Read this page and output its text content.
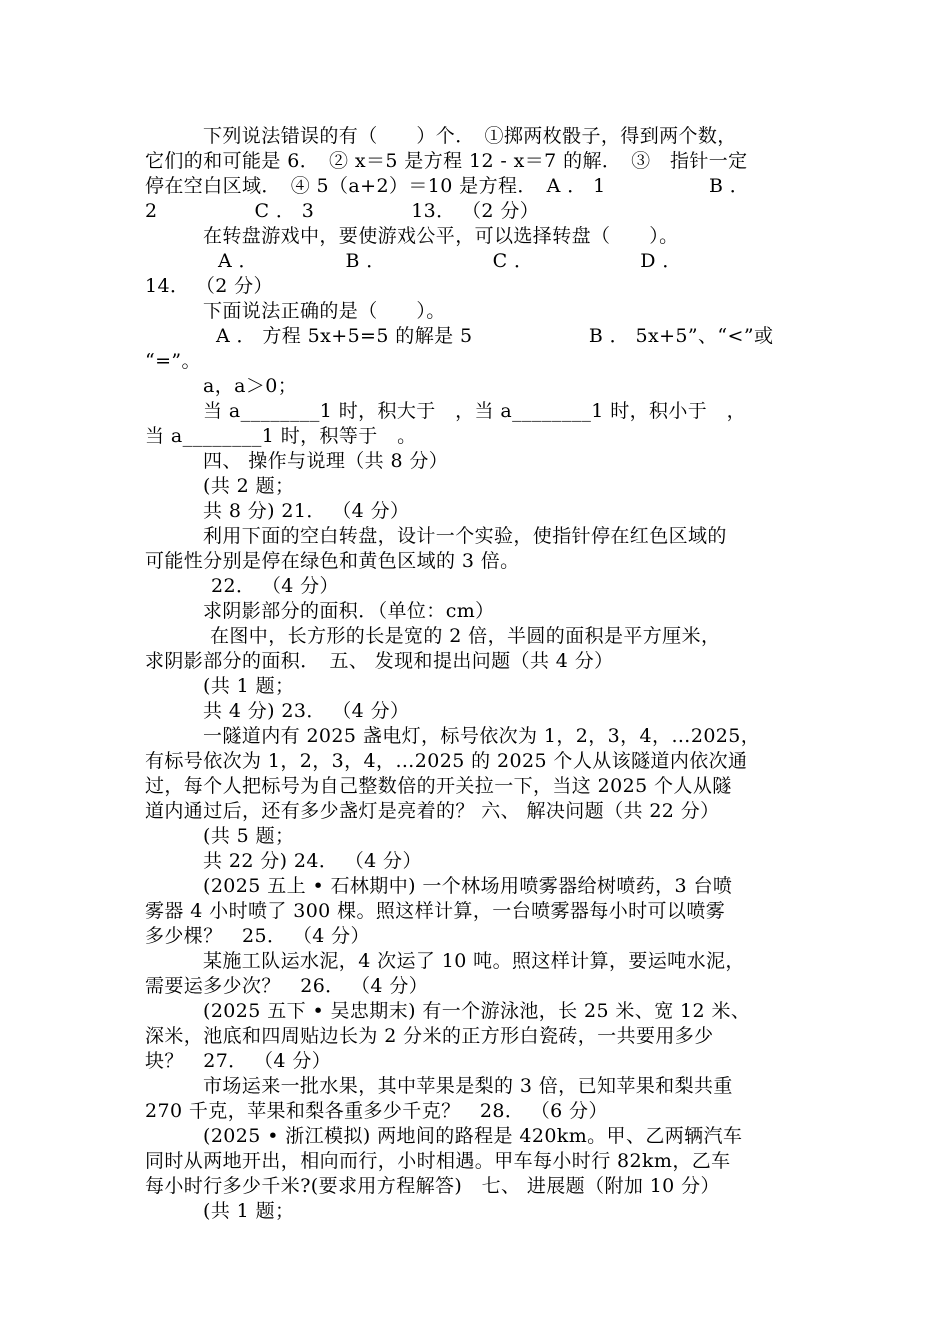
下列说法错误的有（　　）个．　①掷两枚骰子，得到两个数，
它们的和可能是 6．　② x＝5 是方程 12 - x＝7 的解．　③　指针一定
停在空白区域．　④ 5（a+2）＝10 是方程．　A ． 1　　　　　 B ．
2　　　　　C ． 3　　　　　13． （2 分）
在转盘游戏中，要使游戏公平，可以选择转盘（　　）。
A ．　　　　　B ．　　　　　　C ．　　　　　　D ．
14． （2 分）
下面说法正确的是（　　）。
A ． 方程 5x+5=5 的解是 5　　　　　　B ． 5x+5”、“<”或
“=”。
a，a＞0；
当 a________1 时，积大于　，当 a________1 时，积小于　，
当 a________1 时，积等于　。
四、 操作与说理（共 8 分）
(共 2 题；
共 8 分) 21． （4 分）
利用下面的空白转盘，设计一个实验，使指针停在红色区域的
可能性分别是停在绿色和黄色区域的 3 倍。
22． （4 分）
求阴影部分的面积．（单位：cm）
在图中，长方形的长是宽的 2 倍，半圆的面积是平方厘米，
求阴影部分的面积．　五、 发现和提出问题（共 4 分）
(共 1 题；
共 4 分) 23． （4 分）
一隧道内有 2025 盏电灯，标号依次为 1，2，3，4，…2025，
有标号依次为 1，2，3，4，…2025 的 2025 个人从该隧道内依次通
过，每个人把标号为自己整数倍的开关拉一下，当这 2025 个人从隧
道内通过后，还有多少盏灯是亮着的？ 六、 解决问题（共 22 分）
(共 5 题；
共 22 分) 24． （4 分）
(2025 五上 • 石林期中) 一个林场用喷雾器给树喷药，3 台喷
雾器 4 小时喷了 300 棵。照这样计算，一台喷雾器每小时可以喷雾
多少棵？　25． （4 分）
某施工队运水泥，4 次运了 10 吨。照这样计算，要运吨水泥，
需要运多少次？　26． （4 分）
(2025 五下 • 吴忠期末) 有一个游泳池，长 25 米、宽 12 米、
深米，池底和四周贴边长为 2 分米的正方形白瓷砖，一共要用多少
块？　27． （4 分）
市场运来一批水果，其中苹果是梨的 3 倍，已知苹果和梨共重
270 千克，苹果和梨各重多少千克？　28． （6 分）
(2025 • 浙江模拟) 两地间的路程是 420km。甲、乙两辆汽车
同时从两地开出，相向而行，小时相遇。甲车每小时行 82km，乙车
每小时行多少千米?(要求用方程解答)　七、 进展题（附加 10 分）
(共 1 题；
